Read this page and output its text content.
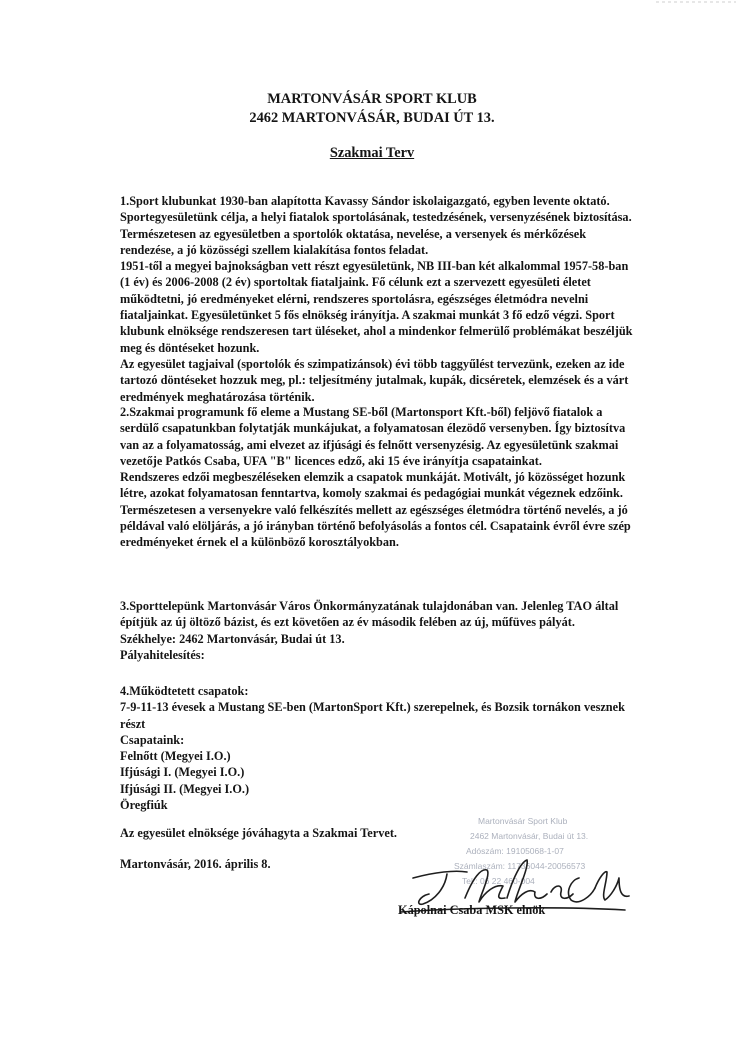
MARTONVÁSÁR SPORT KLUB
2462 MARTONVÁSÁR, BUDAI ÚT 13.
Szakmai Terv

1.Sport klubunkat 1930-ban alapította Kavassy Sándor iskolaigazgató, egyben levente oktató.

Sportegyesületünk célja, a helyi fiatalok sportolásának, testedzésének, versenyzésének biztosítása. Természetesen az egyesületben a sportolók oktatása, nevelése, a versenyek és mérkőzések rendezése, a jó közösségi szellem kialakítása fontos feladat.

1951-től a megyei bajnokságban vett részt egyesületünk, NB III-ban két alkalommal 1957-58-ban (1 év) és 2006-2008 (2 év) sportoltak fiataljaink. Fő célunk ezt a szervezett egyesületi életet működtetni, jó eredményeket elérni, rendszeres sportolásra, egészséges életmódra nevelni fiataljainkat. Egyesületünket 5 fős elnökség irányítja. A szakmai munkát 3 fő edző végzi. Sport klubunk elnöksége rendszeresen tart üléseket, ahol a mindenkor felmerülő problémákat beszéljük meg és döntéseket hozunk.

Az egyesület tagjaival (sportolók és szimpatizánsok) évi több taggyűlést tervezünk, ezeken az ide tartozó döntéseket hozzuk meg, pl.: teljesítmény jutalmak, kupák, dicséretek, elemzések és a várt eredmények meghatározása történik.

2.Szakmai programunk fő eleme a Mustang SE-ből (Martonsport Kft.-ből) feljövő fiatalok a serdülő csapatunkban folytatják munkájukat, a folyamatosan élezödő versenyben. Így biztosítva van az a folyamatosság, ami elvezet az ifjúsági és felnőtt versenyzésig. Az egyesületünk szakmai vezetője Patkós Csaba, UFA "B" licences edző, aki 15 éve irányítja csapatainkat.

Rendszeres edzői megbeszéléseken elemzik a csapatok munkáját. Motivált, jó közösséget hozunk létre, azokat folyamatosan fenntartva, komoly szakmai és pedagógiai munkát végeznek edzőink. Természetesen a versenyekre való felkészítés mellett az egészséges életmódra történő nevelés, a jó példával való elöljárás, a jó irányban történő befolyásolás a fontos cél. Csapataink évről évre szép eredményeket érnek el a különböző korosztályokban.

3.Sporttelepünk Martonvásár Város Önkormányzatának tulajdonában van. Jelenleg TAO által építjük az új öltöző bázist, és ezt követően az év második felében az új, műfüves pályát.

Székhelye: 2462 Martonvásár, Budai út 13.

Pályahitelesítés:

4.Működtetett csapatok:

7-9-11-13 évesek a Mustang SE-ben (MartonSport Kft.) szerepelnek, és Bozsik tornákon vesznek részt

Csapataink:

Felnőtt (Megyei I.O.)

Ifjúsági I. (Megyei I.O.)

Ifjúsági II. (Megyei I.O.)

Öregfiúk

Az egyesület elnöksége jóváhagyta a Szakmai Tervet.
Martonvásár, 2016. április 8.
Martonvásár Sport Klub
2462 Martonvásár, Budai út 13.
Adószám: 19105068-1-07
Számlaszám: 11736044-20056573
Tel.: 06 22 460-004
Kápolnai Csaba MSK elnök
